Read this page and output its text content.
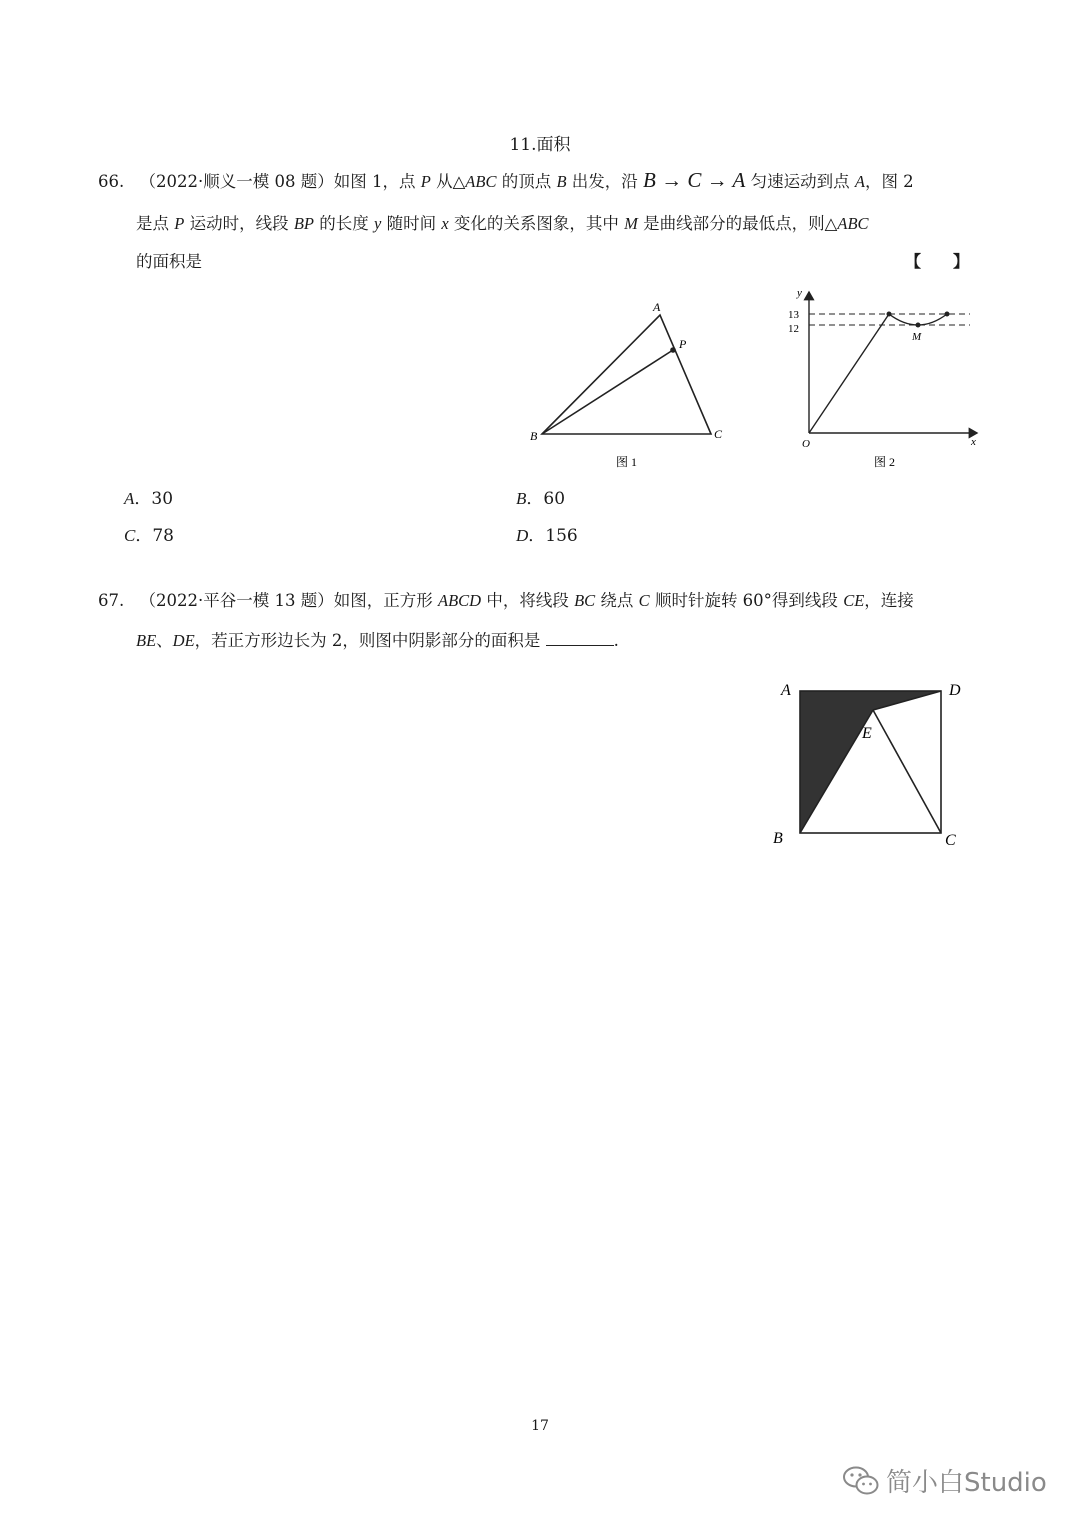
11.面积
66. （2022·顺义一模 08 题）如图 1，点 P 从△ABC 的顶点 B 出发，沿 B → C → A 匀速运动到点 A，图 2
是点 P 运动时，线段 BP 的长度 y 随时间 x 变化的关系图象，其中 M 是曲线部分的最低点，则△ABC
的面积是	【　　】
A
P
B	C
图 1
y
13
12
M
O	x
图 2
A．30	B．60
C．78	D．156
67. （2022·平谷一模 13 题）如图，正方形 ABCD 中，将线段 BC 绕点 C 顺时针旋转 60°得到线段 CE，连接
BE、DE，若正方形边长为 2，则图中阴影部分的面积是	.
A	D
E
B	C
17
简小白Studio
